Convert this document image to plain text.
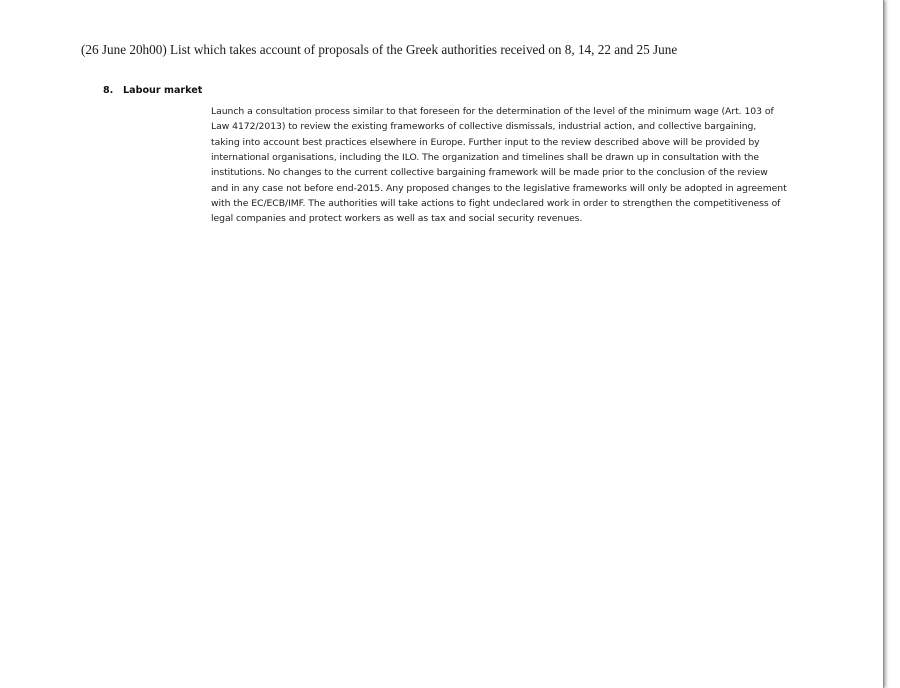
(26 June 20h00) List which takes account of proposals of the Greek authorities received on 8, 14, 22 and 25 June
8. Labour market

Launch a consultation process similar to that foreseen for the determination of the level of the minimum wage (Art. 103 of Law 4172/2013) to review the existing frameworks of collective dismissals, industrial action, and collective bargaining, taking into account best practices elsewhere in Europe. Further input to the review described above will be provided by international organisations, including the ILO. The organization and timelines shall be drawn up in consultation with the institutions. No changes to the current collective bargaining framework will be made prior to the conclusion of the review and in any case not before end-2015. Any proposed changes to the legislative frameworks will only be adopted in agreement with the EC/ECB/IMF. The authorities will take actions to fight undeclared work in order to strengthen the competitiveness of legal companies and protect workers as well as tax and social security revenues.
